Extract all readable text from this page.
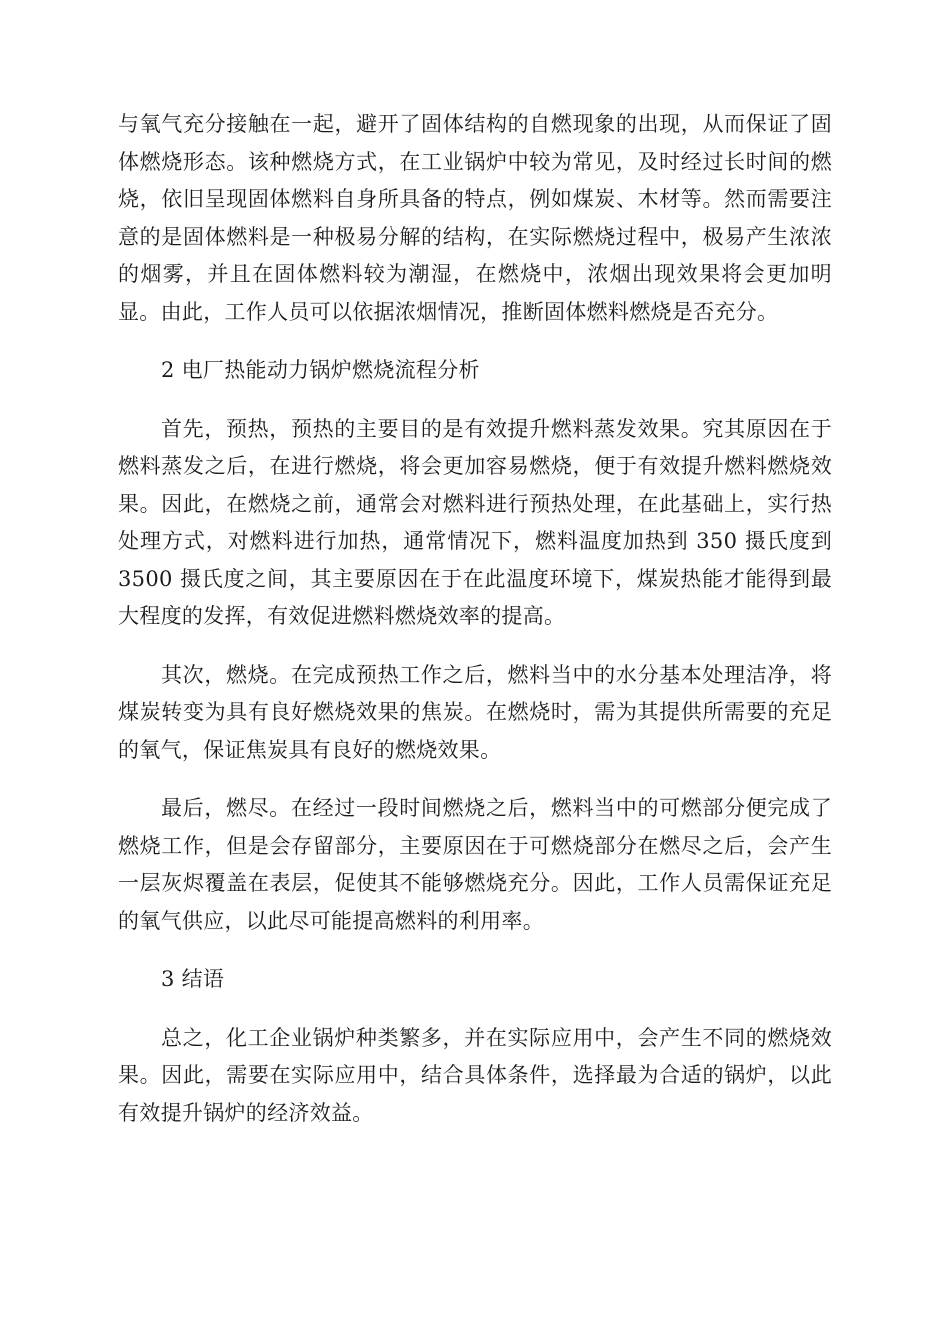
与氧气充分接触在一起，避开了固体结构的自燃现象的出现，从而保证了固体燃烧形态。该种燃烧方式，在工业锅炉中较为常见，及时经过长时间的燃烧，依旧呈现固体燃料自身所具备的特点，例如煤炭、木材等。然而需要注意的是固体燃料是一种极易分解的结构，在实际燃烧过程中，极易产生浓浓的烟雾，并且在固体燃料较为潮湿，在燃烧中，浓烟出现效果将会更加明显。由此，工作人员可以依据浓烟情况，推断固体燃料燃烧是否充分。

2 电厂热能动力锅炉燃烧流程分析

首先，预热，预热的主要目的是有效提升燃料蒸发效果。究其原因在于燃料蒸发之后，在进行燃烧，将会更加容易燃烧，便于有效提升燃料燃烧效果。因此，在燃烧之前，通常会对燃料进行预热处理，在此基础上，实行热处理方式，对燃料进行加热，通常情况下，燃料温度加热到 350 摄氏度到 3500 摄氏度之间，其主要原因在于在此温度环境下，煤炭热能才能得到最大程度的发挥，有效促进燃料燃烧效率的提高。

其次，燃烧。在完成预热工作之后，燃料当中的水分基本处理洁净，将煤炭转变为具有良好燃烧效果的焦炭。在燃烧时，需为其提供所需要的充足的氧气，保证焦炭具有良好的燃烧效果。

最后，燃尽。在经过一段时间燃烧之后，燃料当中的可燃部分便完成了燃烧工作，但是会存留部分，主要原因在于可燃烧部分在燃尽之后，会产生一层灰烬覆盖在表层，促使其不能够燃烧充分。因此，工作人员需保证充足的氧气供应，以此尽可能提高燃料的利用率。

3 结语

总之，化工企业锅炉种类繁多，并在实际应用中，会产生不同的燃烧效果。因此，需要在实际应用中，结合具体条件，选择最为合适的锅炉，以此有效提升锅炉的经济效益。
